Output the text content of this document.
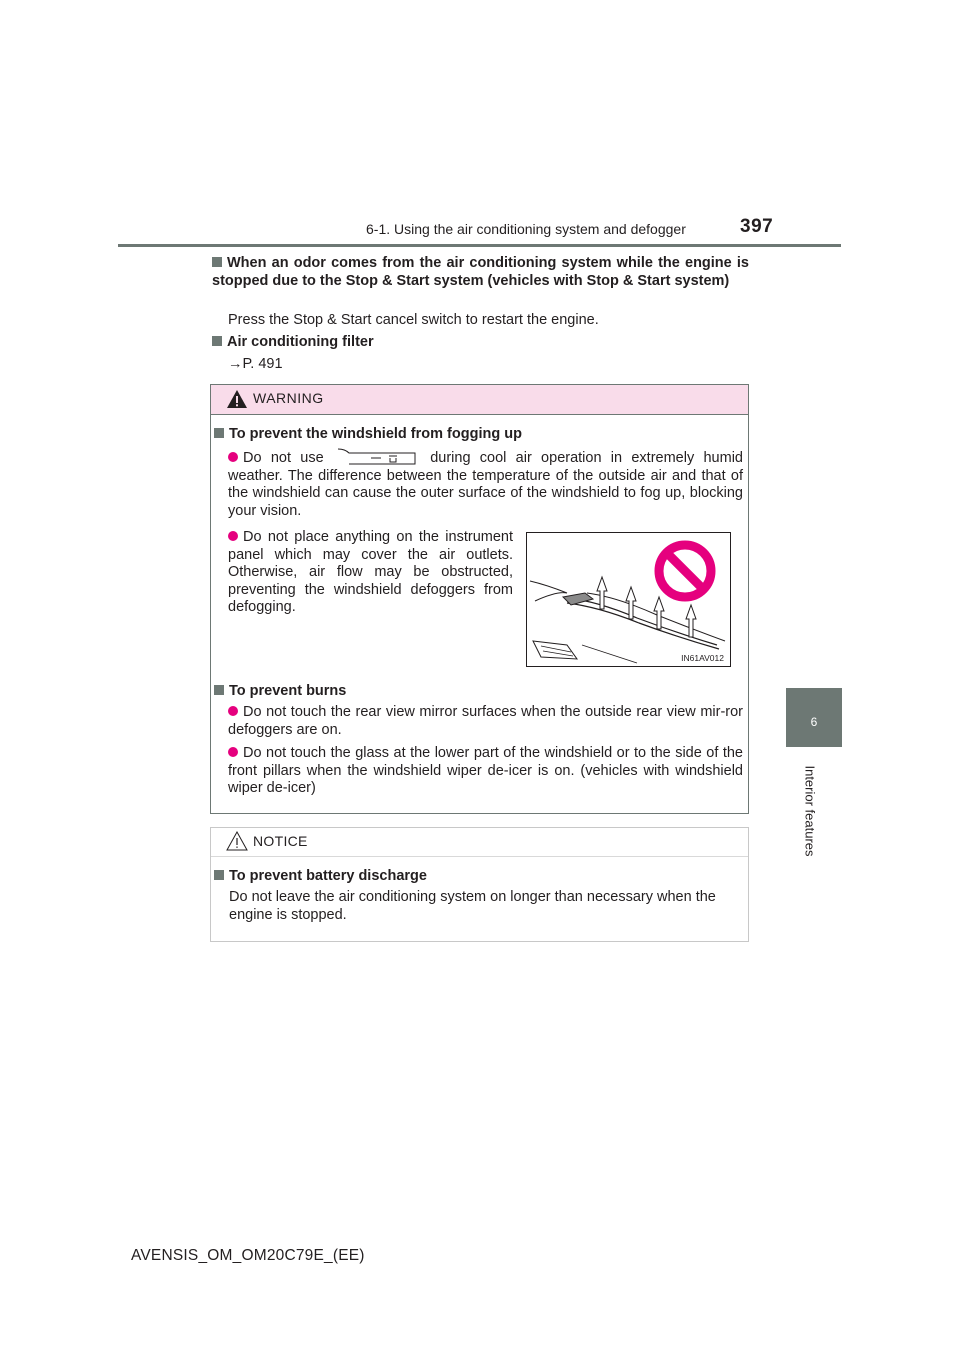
6-1. Using the air conditioning system and defogger	397
6
Interior features
When an odor comes from the air conditioning system while the engine is stopped due to the Stop & Start system (vehicles with Stop & Start system)
Press the Stop & Start cancel switch to restart the engine.
Air conditioning filter
→P. 491
WARNING
To prevent the windshield from fogging up
Do not use	during cool air operation in extremely humid weather. The difference between the temperature of the outside air and that of the windshield can cause the outer surface of the windshield to fog up, blocking your vision.
Do not place anything on the instrument panel which may cover the air outlets. Otherwise, air flow may be obstructed, preventing the windshield defoggers from defogging.
IN61AV012
To prevent burns
Do not touch the rear view mirror surfaces when the outside rear view mir-ror defoggers are on.
Do not touch the glass at the lower part of the windshield or to the side of the front pillars when the windshield wiper de-icer is on. (vehicles with windshield wiper de-icer)
NOTICE
To prevent battery discharge
Do not leave the air conditioning system on longer than necessary when the engine is stopped.
AVENSIS_OM_OM20C79E_(EE)
